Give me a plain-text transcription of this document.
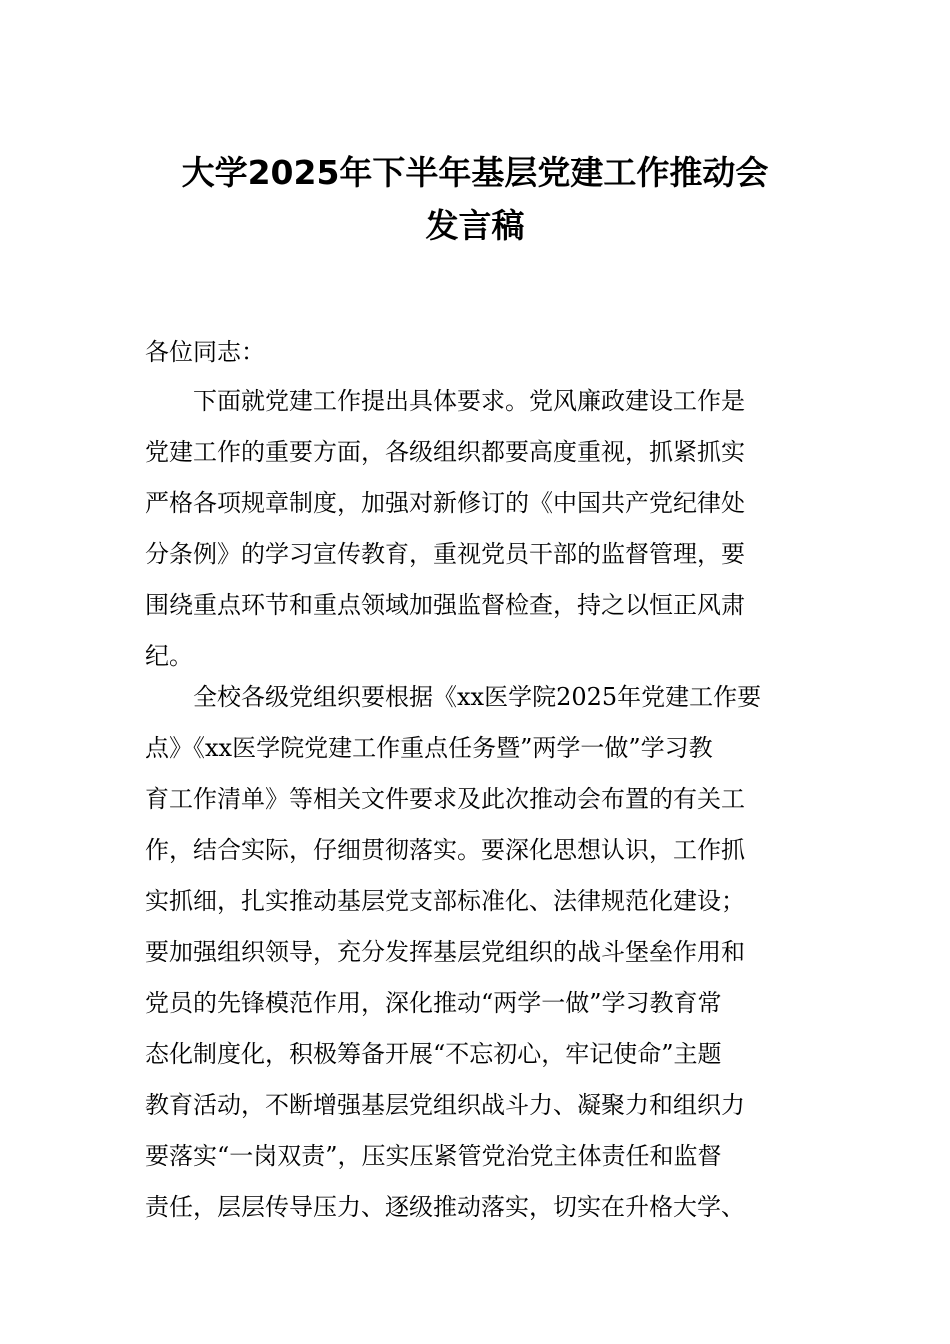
大学2025年下半年基层党建工作推动会
发言稿
各位同志：
　　下面就党建工作提出具体要求。党风廉政建设工作是
党建工作的重要方面，各级组织都要高度重视，抓紧抓实
严格各项规章制度，加强对新修订的《中国共产党纪律处
分条例》的学习宣传教育，重视党员干部的监督管理，要
围绕重点环节和重点领域加强监督检查，持之以恒正风肃
纪。
　　全校各级党组织要根据《xx医学院2025年党建工作要
点》《xx医学院党建工作重点任务暨”两学一做”学习教
育工作清单》等相关文件要求及此次推动会布置的有关工
作，结合实际，仔细贯彻落实。要深化思想认识，工作抓
实抓细，扎实推动基层党支部标准化、法律规范化建设；
要加强组织领导，充分发挥基层党组织的战斗堡垒作用和
党员的先锋模范作用，深化推动“两学一做”学习教育常
态化制度化，积极筹备开展“不忘初心，牢记使命”主题
教育活动，不断增强基层党组织战斗力、凝聚力和组织力
要落实“一岗双责”，压实压紧管党治党主体责任和监督
责任，层层传导压力、逐级推动落实，切实在升格大学、
